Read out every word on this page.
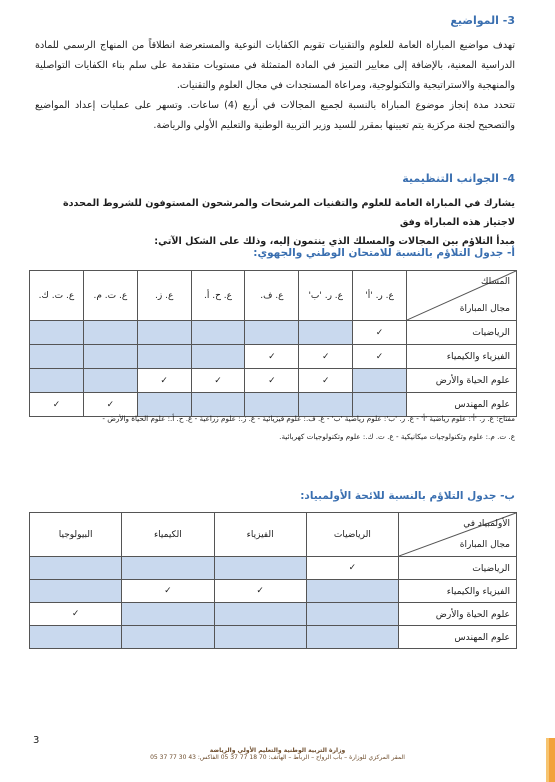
3- المواضيع

تهدف مواضيع المباراة العامة للعلوم والتقنيات تقويم الكفايات النوعية والمستعرضة انطلاقاً من المنهاج الرسمي للمادة الدراسية المعنية، بالإضافة إلى معايير التميز في المادة المتمثلة في مستويات متقدمة على سلم بناء الكفايات التواصلية والمنهجية والاستراتيجية والتكنولوجية، ومراعاة المستجدات في مجال العلوم والتقنيات.

تتحدد مدة إنجاز موضوع المباراة بالنسبة لجميع المجالات في أربع (4) ساعات. وتسهر على عمليات إعداد المواضيع والتصحيح لجنة مركزية يتم تعيينها بمقرر للسيد وزير التربية الوطنية والتعليم الأولي والرياضة.

4- الجوانب التنظيمية

يشارك في المباراة العامة للعلوم والتقنيات المرشحات والمرشحون المستوفون للشروط المحددة لاجتياز هذه المباراة وفق

مبدأ التلاؤم بين المجالات والمسلك الذي ينتمون إليه، وذلك على الشكل الآتي:

أ- جدول التلاؤم بالنسبة للامتحان الوطني والجهوي:
المسلك
مجال المباراة	ع. ر. 'أ'	ع. ر. 'ب'	ع. ف.	ع. ح. أ.	ع. ز.	ع. ت. م.	ع. ت. ك.
الرياضيات	✓						
الفيزياء والكيمياء	✓	✓	✓				
علوم الحياة والأرض		✓	✓	✓	✓		
علوم المهندس						✓	✓

مفتاح: ع. ر. 'أ': علوم رياضية 'أ' - ع. ر. 'ب': علوم رياضية 'ب' - ع. ف.: علوم فيزيائية - ع. ز.: علوم زراعية - ع. ح. أ.: علوم الحياة والأرض -

ع. ت. م.: علوم وتكنولوجيات ميكانيكية - ع. ت. ك.: علوم وتكنولوجيات كهربائية.

ب- جدول التلاؤم بالنسبة للائحة الأولمبياد:
الأولمبياد في
مجال المباراة	الرياضيات	الفيزياء	الكيمياء	البيولوجيا
الرياضيات	✓			
الفيزياء والكيمياء		✓	✓	
علوم الحياة والأرض				✓
علوم المهندس				
3
وزارة التربية الوطنية والتعليم الأولي والرياضة
المقر المركزي للوزارة – باب الرواح – الرباط – الهاتف: 70 18 77 37 05 الفاكس: 43 30 77 37 05
